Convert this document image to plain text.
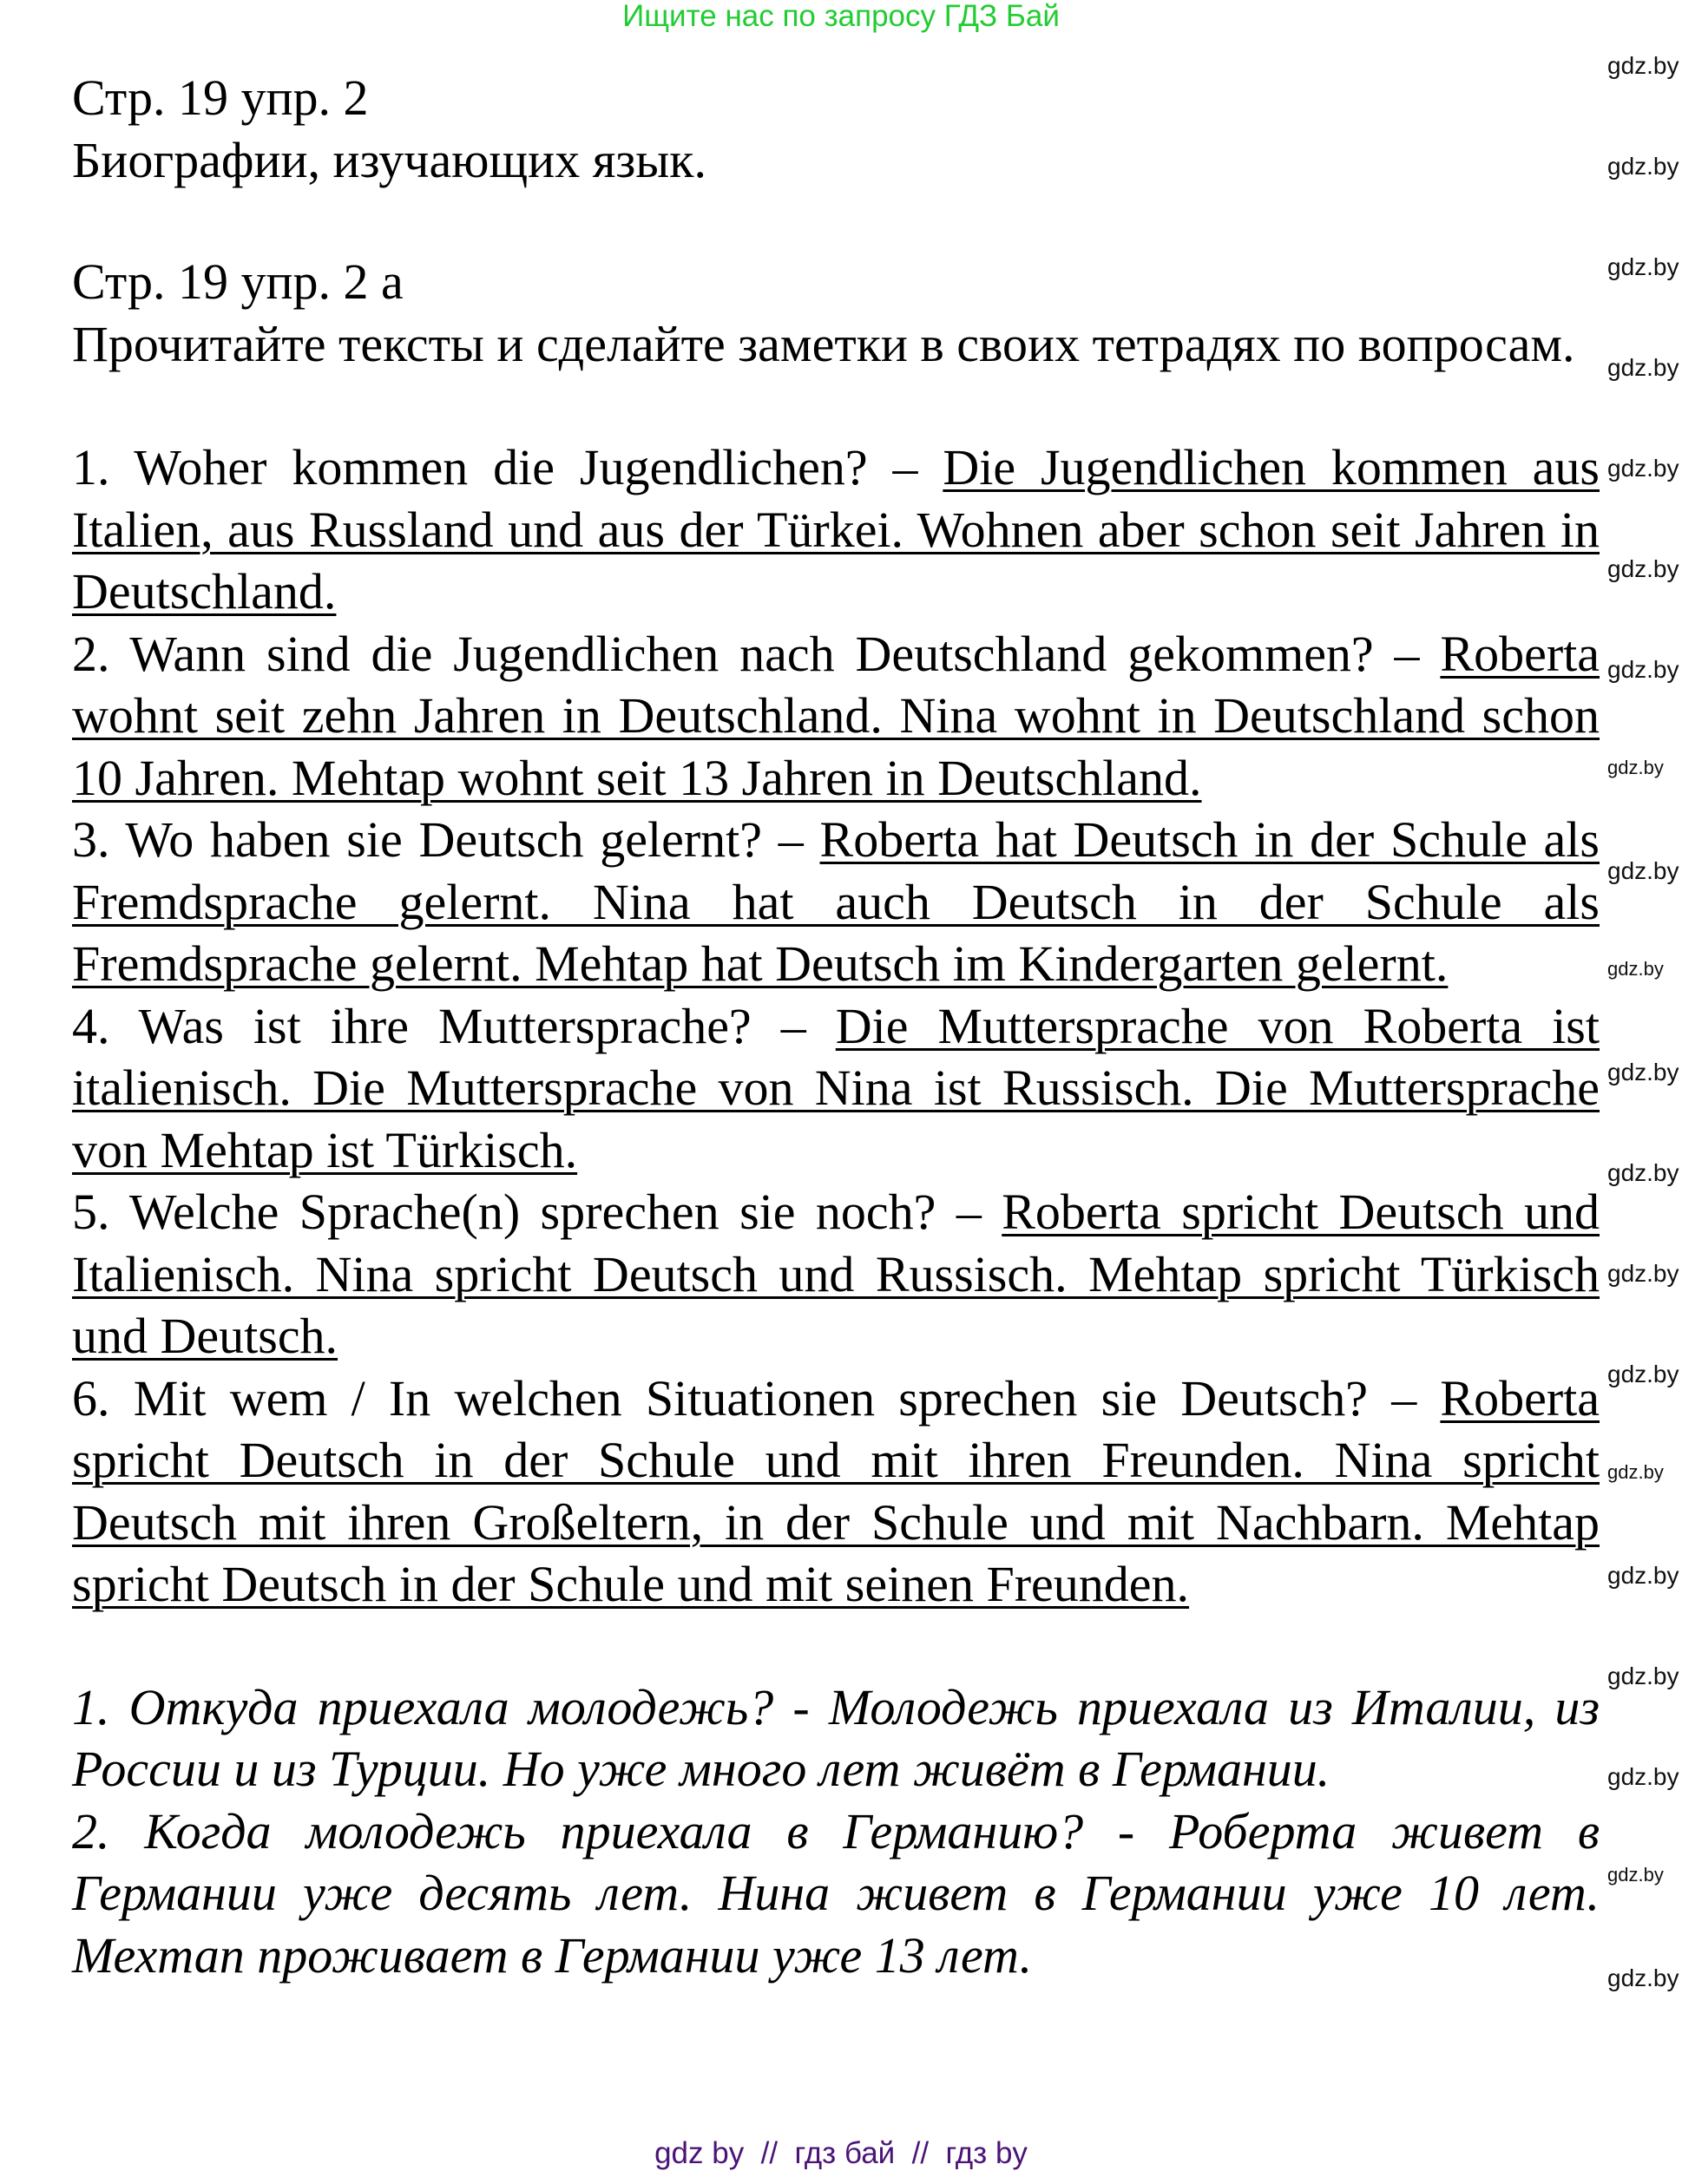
Ищите нас по запросу ГДЗ Бай

Стр. 19 упр. 2

Биографии, изучающих язык.

Стр. 19 упр. 2 a

Прочитайте тексты и сделайте заметки в своих тетрадях по вопросам.

1. Woher kommen die Jugendlichen? – Die Jugendlichen kommen aus Italien, aus Russland und aus der Türkei. Wohnen aber schon seit Jahren in Deutschland.

2. Wann sind die Jugendlichen nach Deutschland gekommen? – Roberta wohnt seit zehn Jahren in Deutschland. Nina wohnt in Deutschland schon 10 Jahren. Mehtap wohnt seit 13 Jahren in Deutschland.

3. Wo haben sie Deutsch gelernt? – Roberta hat Deutsch in der Schule als Fremdsprache gelernt. Nina hat auch Deutsch in der Schule als Fremdsprache gelernt. Mehtap hat Deutsch im Kindergarten gelernt.

4. Was ist ihre Muttersprache? – Die Muttersprache von Roberta ist italienisch. Die Muttersprache von Nina ist Russisch. Die Muttersprache von Mehtap ist Türkisch.

5. Welche Sprache(n) sprechen sie noch? – Roberta spricht Deutsch und Italienisch. Nina spricht Deutsch und Russisch. Mehtap spricht Türkisch und Deutsch.

6. Mit wem / In welchen Situationen sprechen sie Deutsch? – Roberta spricht Deutsch in der Schule und mit ihren Freunden. Nina spricht Deutsch mit ihren Großeltern, in der Schule und mit Nachbarn. Mehtap spricht Deutsch in der Schule und mit seinen Freunden.

1. Откуда приехала молодежь? - Молодежь приехала из Италии, из России и из Турции. Но уже много лет живёт в Германии.

2. Когда молодежь приехала в Германию? - Роберта живет в Германии уже десять лет. Нина живет в Германии уже 10 лет. Мехтап проживает в Германии уже 13 лет.

gdz.by
gdz.by
gdz.by
gdz.by
gdz.by
gdz.by
gdz.by
gdz.by
gdz.by
gdz.by
gdz.by
gdz.by
gdz.by
gdz.by
gdz.by
gdz.by
gdz.by
gdz.by
gdz.by
gdz.by
gdz by  //  гдз бай  //  гдз by
